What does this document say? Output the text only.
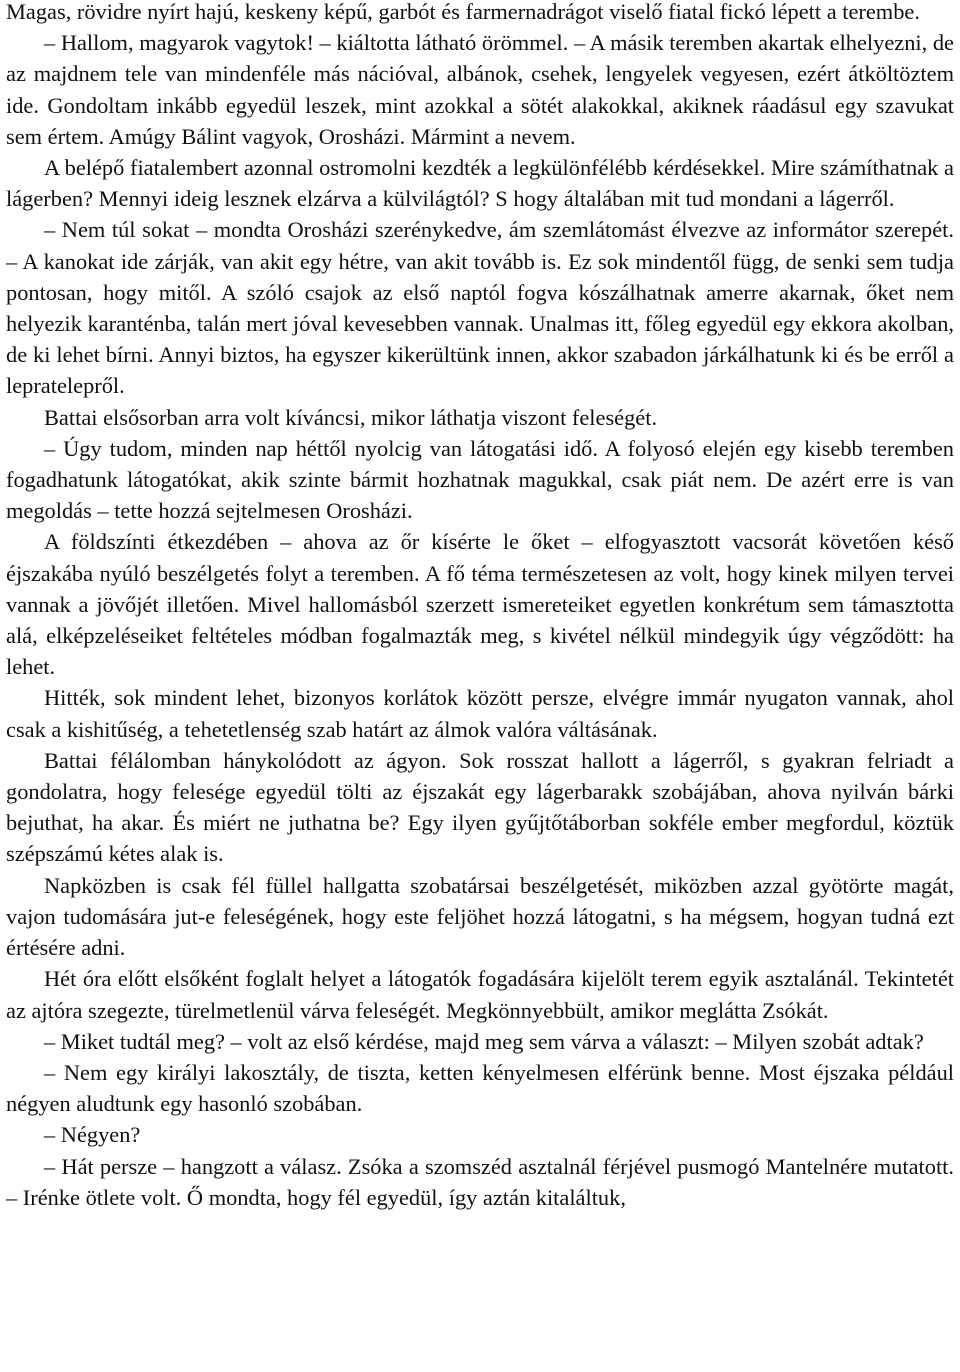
Magas, rövidre nyírt hajú, keskeny képű, garbót és farmernadrágot viselő fiatal fickó lépett a terembe.

– Hallom, magyarok vagytok! – kiáltotta látható örömmel. – A másik teremben akartak elhelyezni, de az majdnem tele van mindenféle más nációval, albánok, csehek, lengyelek vegyesen, ezért átköltöztem ide. Gondoltam inkább egyedül leszek, mint azokkal a sötét alakokkal, akiknek ráadásul egy szavukat sem értem. Amúgy Bálint vagyok, Orosházi. Mármint a nevem.

A belépő fiatalembert azonnal ostromolni kezdték a legkülönfélébb kérdésekkel. Mire számíthatnak a lágerben? Mennyi ideig lesznek elzárva a külvilágtól? S hogy általában mit tud mondani a lágerről.

– Nem túl sokat – mondta Orosházi szerénykedve, ám szemlátomást élvezve az informátor szerepét. – A kanokat ide zárják, van akit egy hétre, van akit tovább is. Ez sok mindentől függ, de senki sem tudja pontosan, hogy mitől. A szóló csajok az első naptól fogva kószálhatnak amerre akarnak, őket nem helyezik karanténba, talán mert jóval kevesebben vannak. Unalmas itt, főleg egyedül egy ekkora akolban, de ki lehet bírni. Annyi biztos, ha egyszer kikerültünk innen, akkor szabadon járkálhatunk ki és be erről a lepratelepről.

Battai elsősorban arra volt kíváncsi, mikor láthatja viszont feleségét.

– Úgy tudom, minden nap héttől nyolcig van látogatási idő. A folyosó elején egy kisebb teremben fogadhatunk látogatókat, akik szinte bármit hozhatnak magukkal, csak piát nem. De azért erre is van megoldás – tette hozzá sejtelmesen Orosházi.

A földszínti étkezdében – ahova az őr kísérte le őket – elfogyasztott vacsorát követően késő éjszakába nyúló beszélgetés folyt a teremben. A fő téma természetesen az volt, hogy kinek milyen tervei vannak a jövőjét illetően. Mivel hallomásból szerzett ismereteiket egyetlen konkrétum sem támasztotta alá, elképzeléseiket feltételes módban fogalmazták meg, s kivétel nélkül mindegyik úgy végződött: ha lehet.

Hitték, sok mindent lehet, bizonyos korlátok között persze, elvégre immár nyugaton vannak, ahol csak a kishitűség, a tehetetlenség szab határt az álmok valóra váltásának.

Battai félálomban hánykolódott az ágyon. Sok rosszat hallott a lágerről, s gyakran felriadt a gondolatra, hogy felesége egyedül tölti az éjszakát egy lágerbarakk szobájában, ahova nyilván bárki bejuthat, ha akar. És miért ne juthatna be? Egy ilyen gyűjtőtáborban sokféle ember megfordul, köztük szépszámú kétes alak is.

Napközben is csak fél füllel hallgatta szobatársai beszélgetését, miközben azzal gyötörte magát, vajon tudomására jut-e feleségének, hogy este feljöhet hozzá látogatni, s ha mégsem, hogyan tudná ezt értésére adni.

Hét óra előtt elsőként foglalt helyet a látogatók fogadására kijelölt terem egyik asztalánál. Tekintetét az ajtóra szegezte, türelmetlenül várva feleségét. Megkönnyebbült, amikor meglátta Zsókát.

– Miket tudtál meg? – volt az első kérdése, majd meg sem várva a választ: – Milyen szobát adtak?

– Nem egy királyi lakosztály, de tiszta, ketten kényelmesen elférünk benne. Most éjszaka például négyen aludtunk egy hasonló szobában.

– Négyen?

– Hát persze – hangzott a válasz. Zsóka a szomszéd asztalnál férjével pusmogó Mantelnére mutatott. – Irénke ötlete volt. Ő mondta, hogy fél egyedül, így aztán kitaláltuk,
